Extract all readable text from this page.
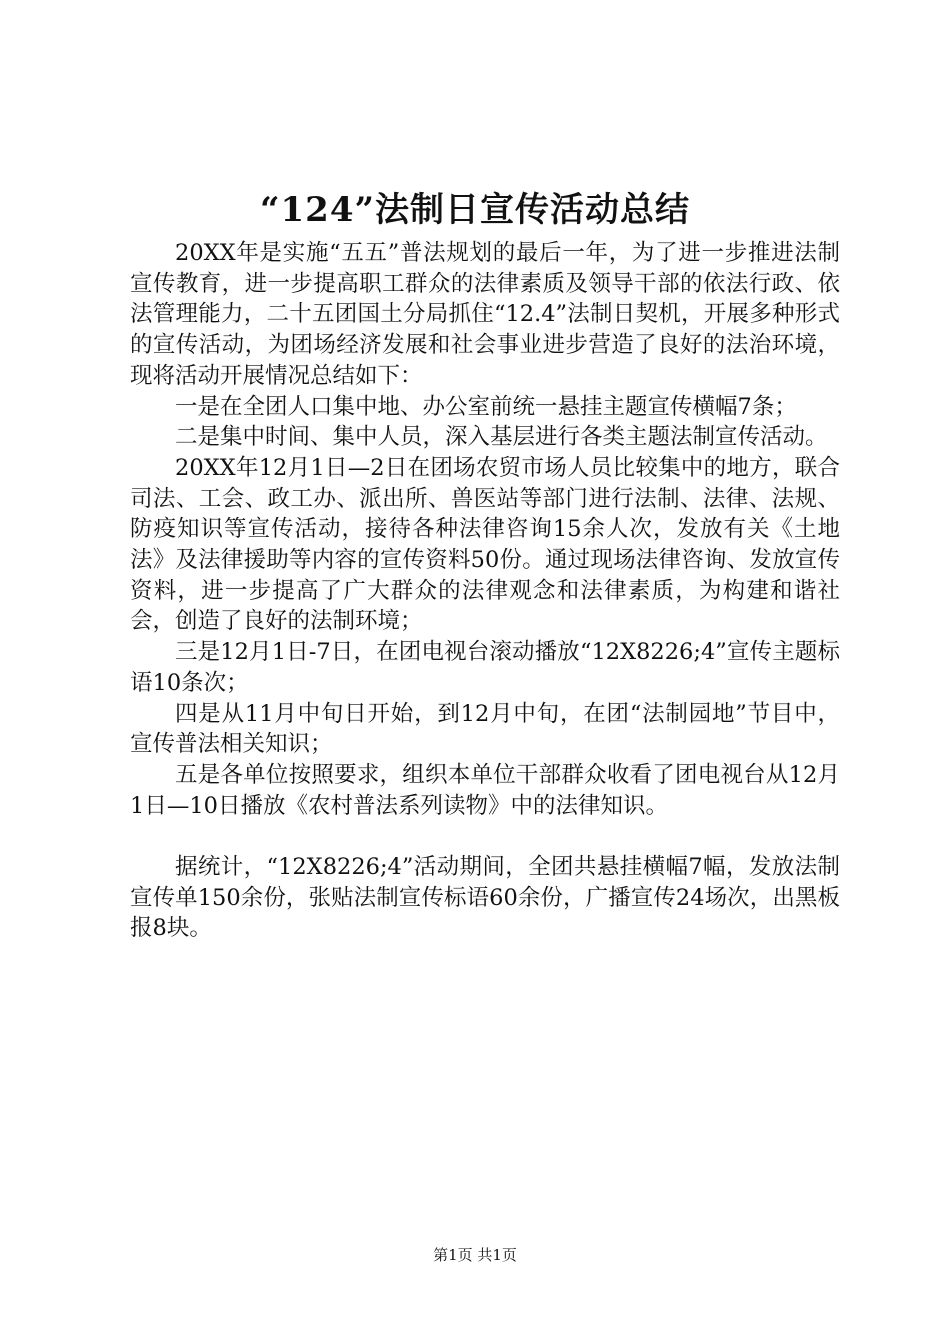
“124”法制日宣传活动总结

20XX年是实施“五五”普法规划的最后一年，为了进一步推进法制宣传教育，进一步提高职工群众的法律素质及领导干部的依法行政、依法管理能力，二十五团国土分局抓住“12.4”法制日契机，开展多种形式的宣传活动，为团场经济发展和社会事业进步营造了良好的法治环境，现将活动开展情况总结如下：

一是在全团人口集中地、办公室前统一悬挂主题宣传横幅7条；

二是集中时间、集中人员，深入基层进行各类主题法制宣传活动。

20XX年12月1日—2日在团场农贸市场人员比较集中的地方，联合司法、工会、政工办、派出所、兽医站等部门进行法制、法律、法规、防疫知识等宣传活动，接待各种法律咨询15余人次，发放有关《土地法》及法律援助等内容的宣传资料50份。通过现场法律咨询、发放宣传资料，进一步提高了广大群众的法律观念和法律素质，为构建和谐社会，创造了良好的法制环境；

三是12月1日-7日，在团电视台滚动播放“12X8226;4”宣传主题标语10条次；

四是从11月中旬日开始，到12月中旬，在团“法制园地”节目中，宣传普法相关知识；

五是各单位按照要求，组织本单位干部群众收看了团电视台从12月1日—10日播放《农村普法系列读物》中的法律知识。

据统计，“12X8226;4”活动期间，全团共悬挂横幅7幅，发放法制宣传单150余份，张贴法制宣传标语60余份，广播宣传24场次，出黑板报8块。

第1页 共1页
